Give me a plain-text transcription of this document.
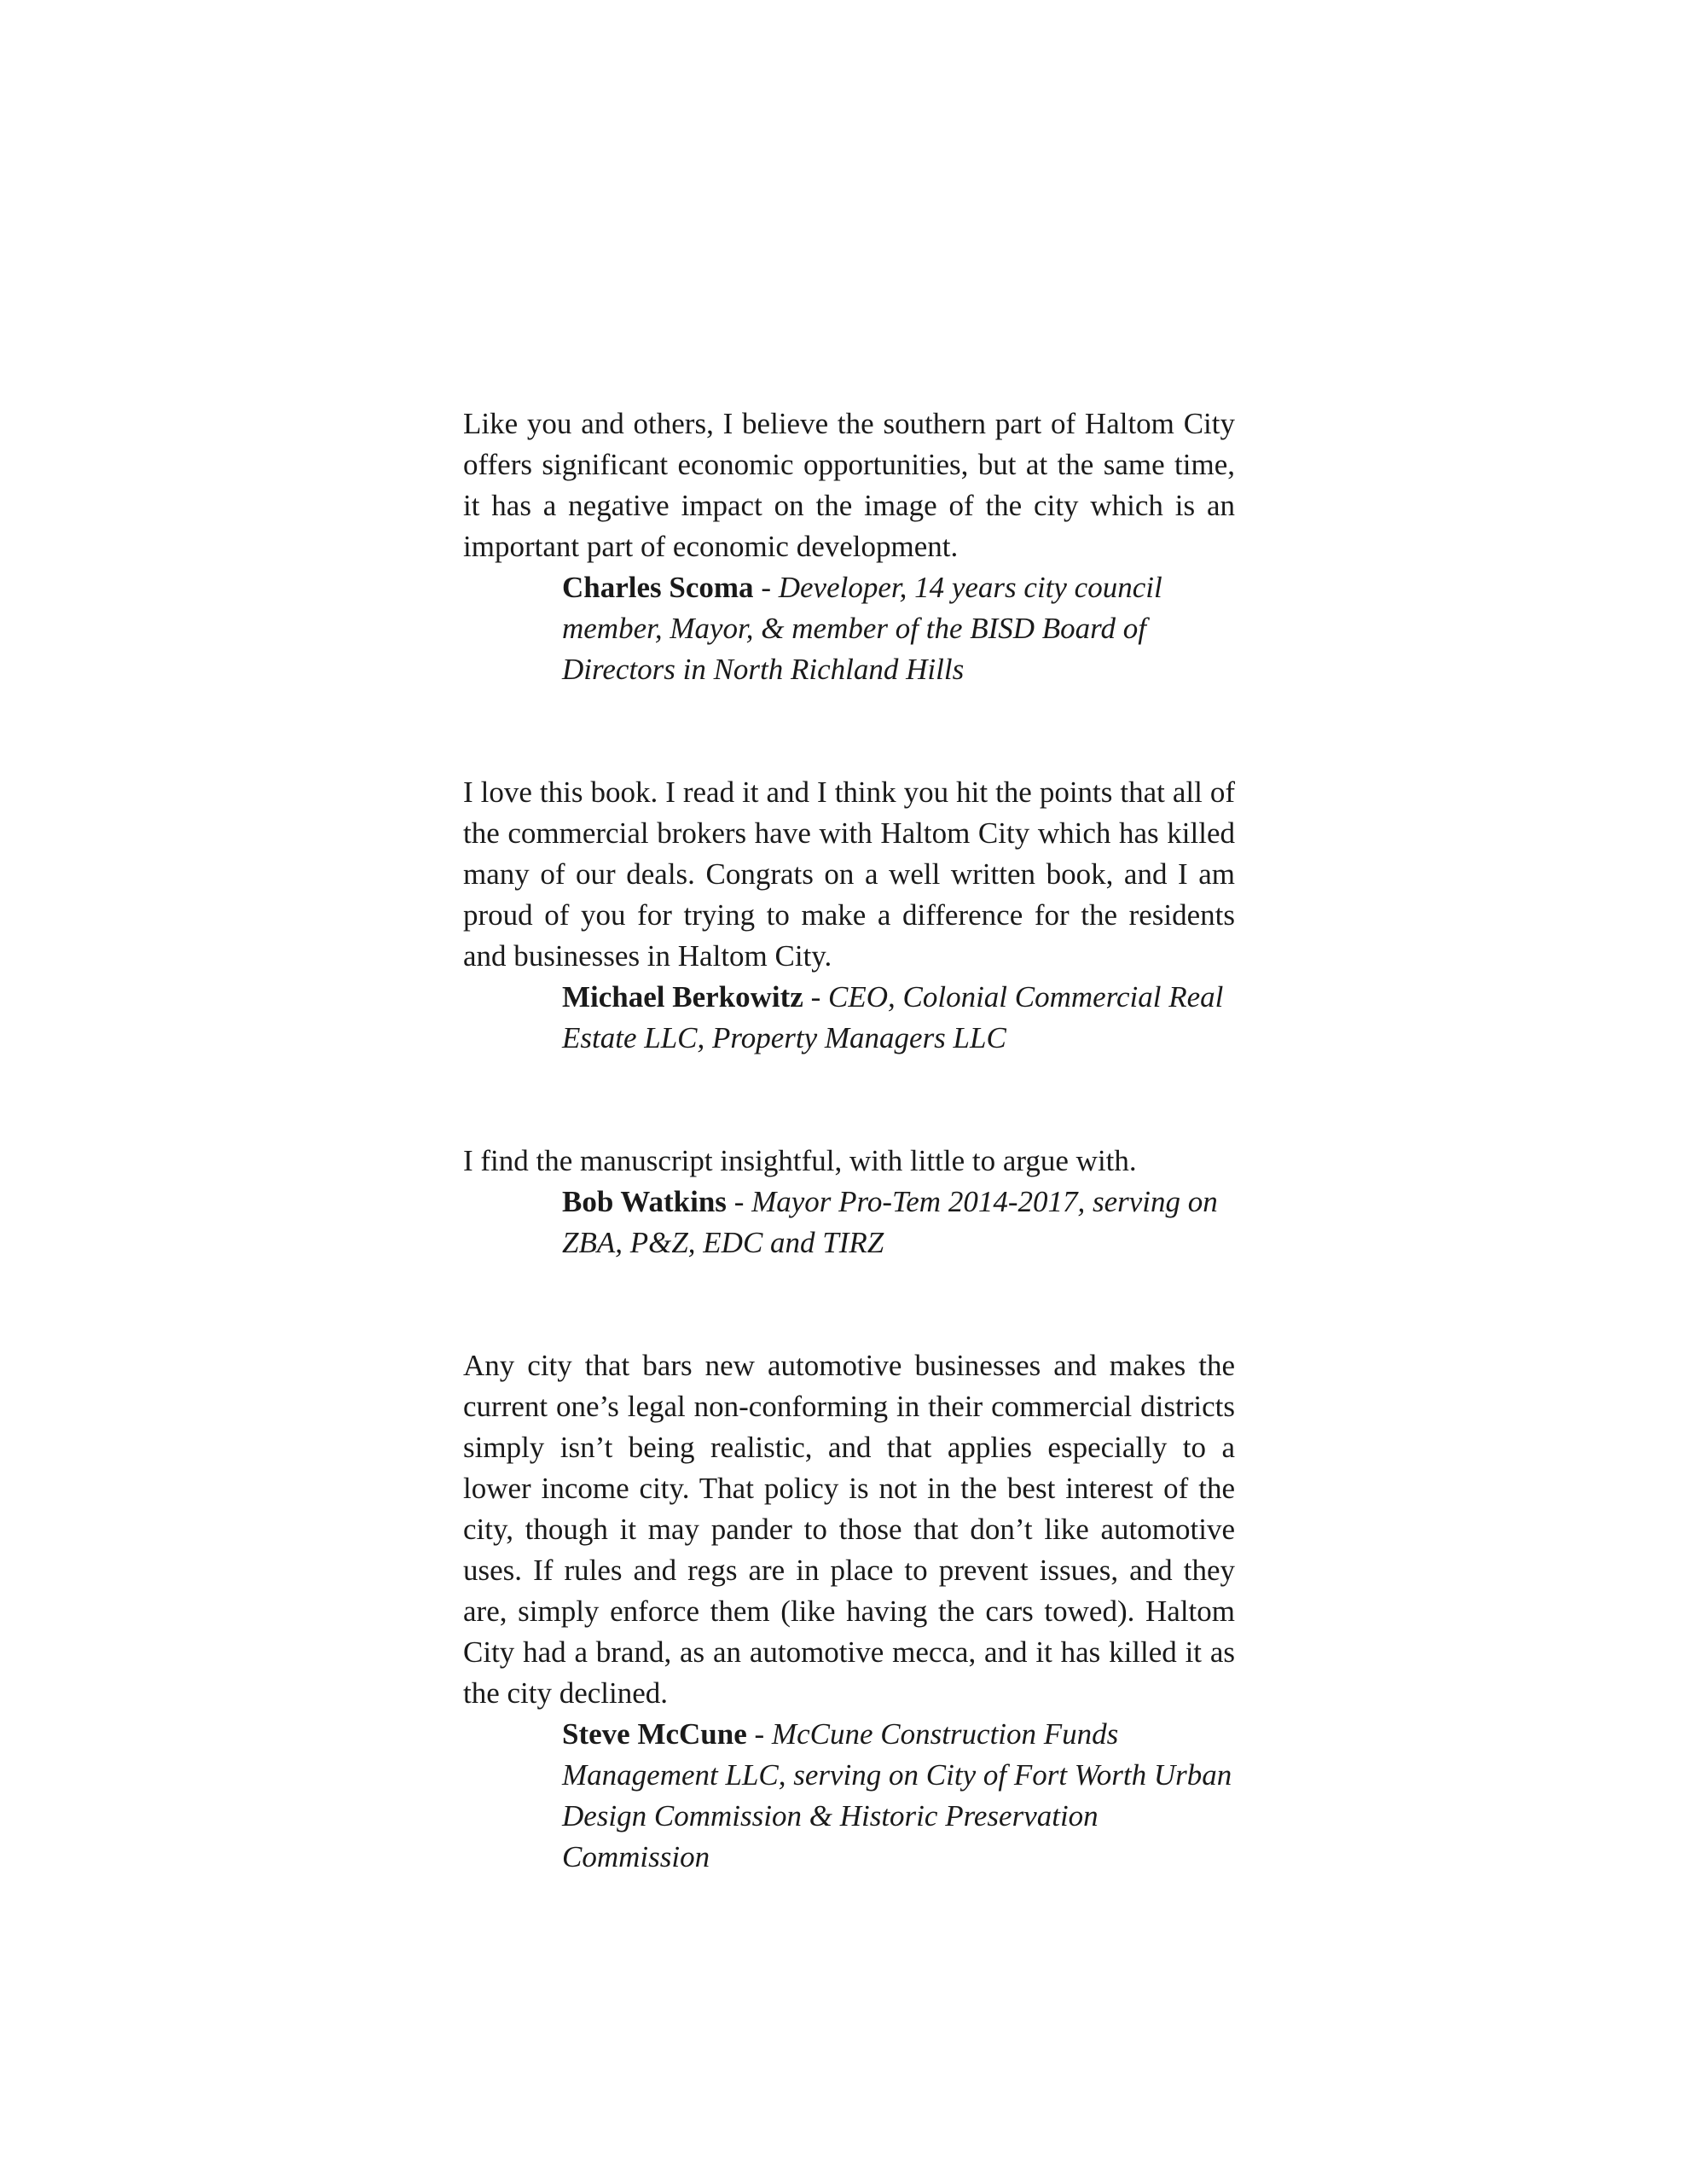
Like you and others, I believe the southern part of Haltom City offers significant economic opportunities, but at the same time, it has a negative impact on the image of the city which is an important part of economic development.

Charles Scoma - Developer, 14 years city council member, Mayor, & member of the BISD Board of Directors in North Richland Hills

I love this book. I read it and I think you hit the points that all of the commercial brokers have with Haltom City which has killed many of our deals. Congrats on a well written book, and I am proud of you for trying to make a difference for the residents and businesses in Haltom City.

Michael Berkowitz - CEO, Colonial Commercial Real Estate LLC, Property Managers LLC

I find the manuscript insightful, with little to argue with.

Bob Watkins - Mayor Pro-Tem 2014-2017, serving on ZBA, P&Z, EDC and TIRZ

Any city that bars new automotive businesses and makes the current one’s legal non-conforming in their commercial districts simply isn’t being realistic, and that applies especially to a lower income city. That policy is not in the best interest of the city, though it may pander to those that don’t like automotive uses. If rules and regs are in place to prevent issues, and they are, simply enforce them (like having the cars towed). Haltom City had a brand, as an automotive mecca, and it has killed it as the city declined.

Steve McCune - McCune Construction Funds Management LLC, serving on City of Fort Worth Urban Design Commission & Historic Preservation Commission
